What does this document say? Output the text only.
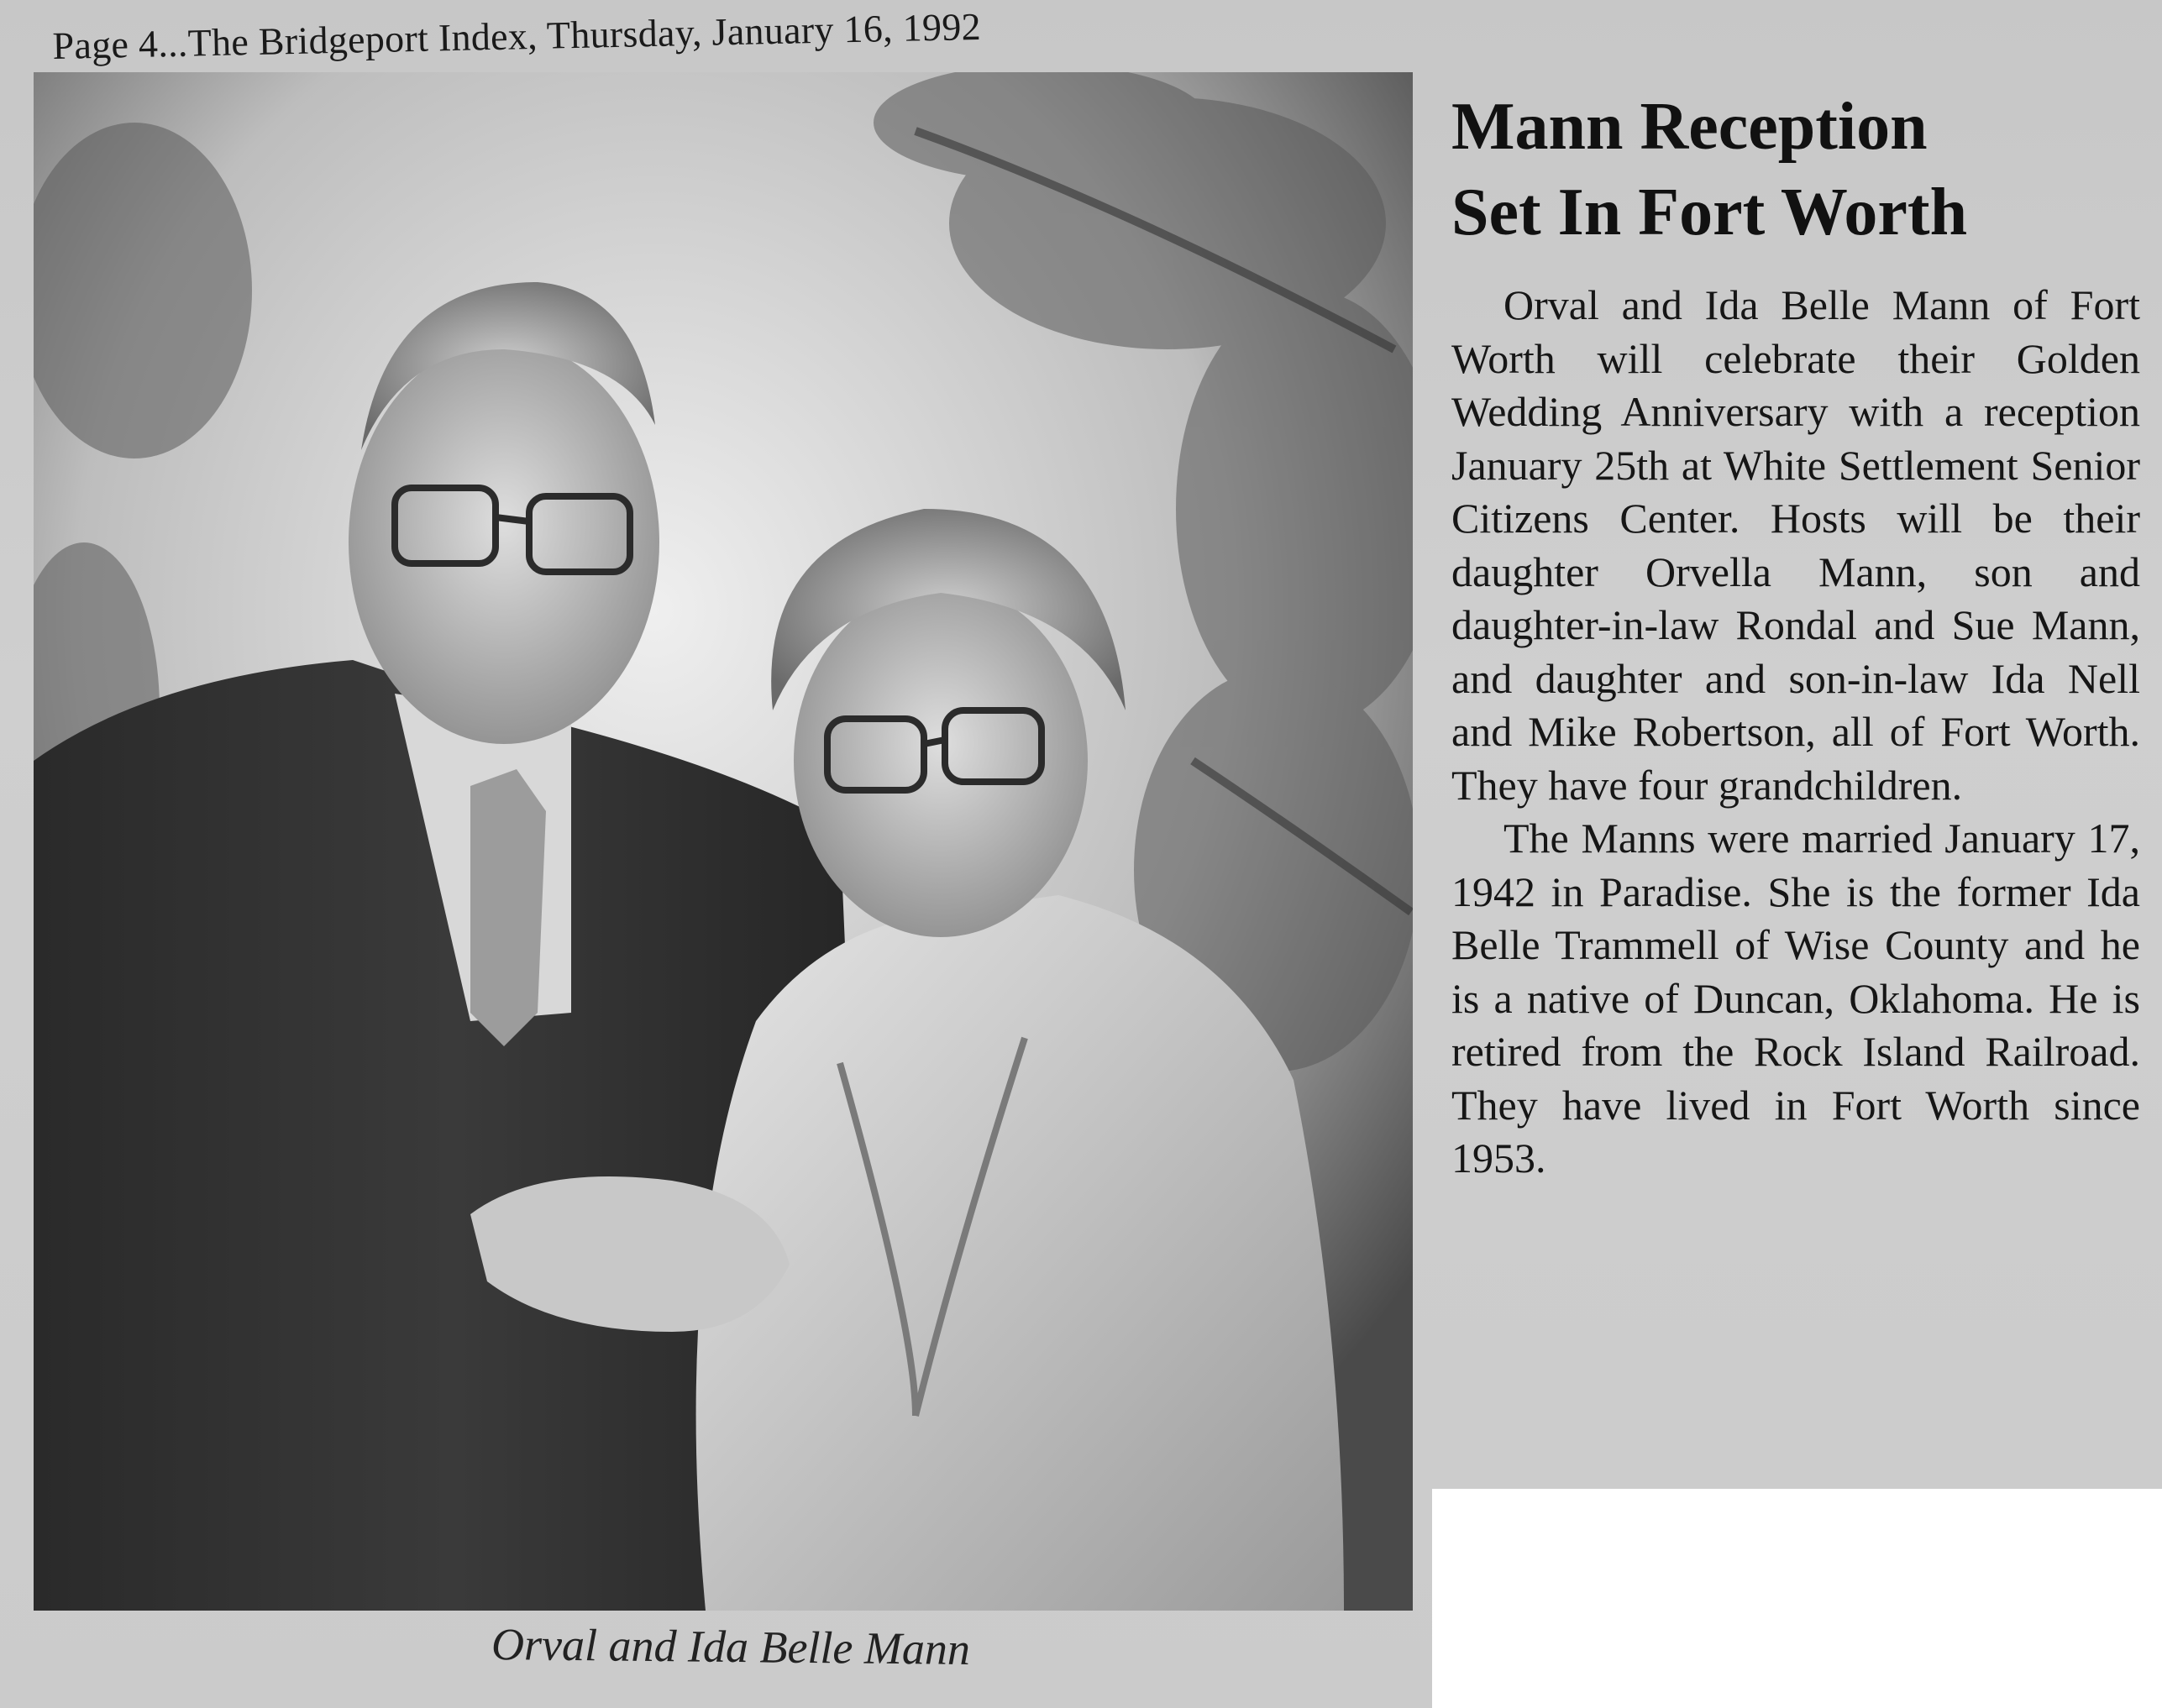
Page 4...The Bridgeport Index, Thursday, January 16, 1992
Orval and Ida Belle Mann
Mann Reception
Set In Fort Worth

Orval and Ida Belle Mann of Fort Worth will celebrate their Golden Wedding Anniversary with a reception January 25th at White Settlement Senior Citizens Center. Hosts will be their daughter Orvella Mann, son and daughter-in-law Rondal and Sue Mann, and daughter and son-in-law Ida Nell and Mike Robertson, all of Fort Worth. They have four grandchildren.

The Manns were married January 17, 1942 in Paradise. She is the former Ida Belle Trammell of Wise County and he is a native of Duncan, Oklahoma. He is retired from the Rock Island Railroad. They have lived in Fort Worth since 1953.
